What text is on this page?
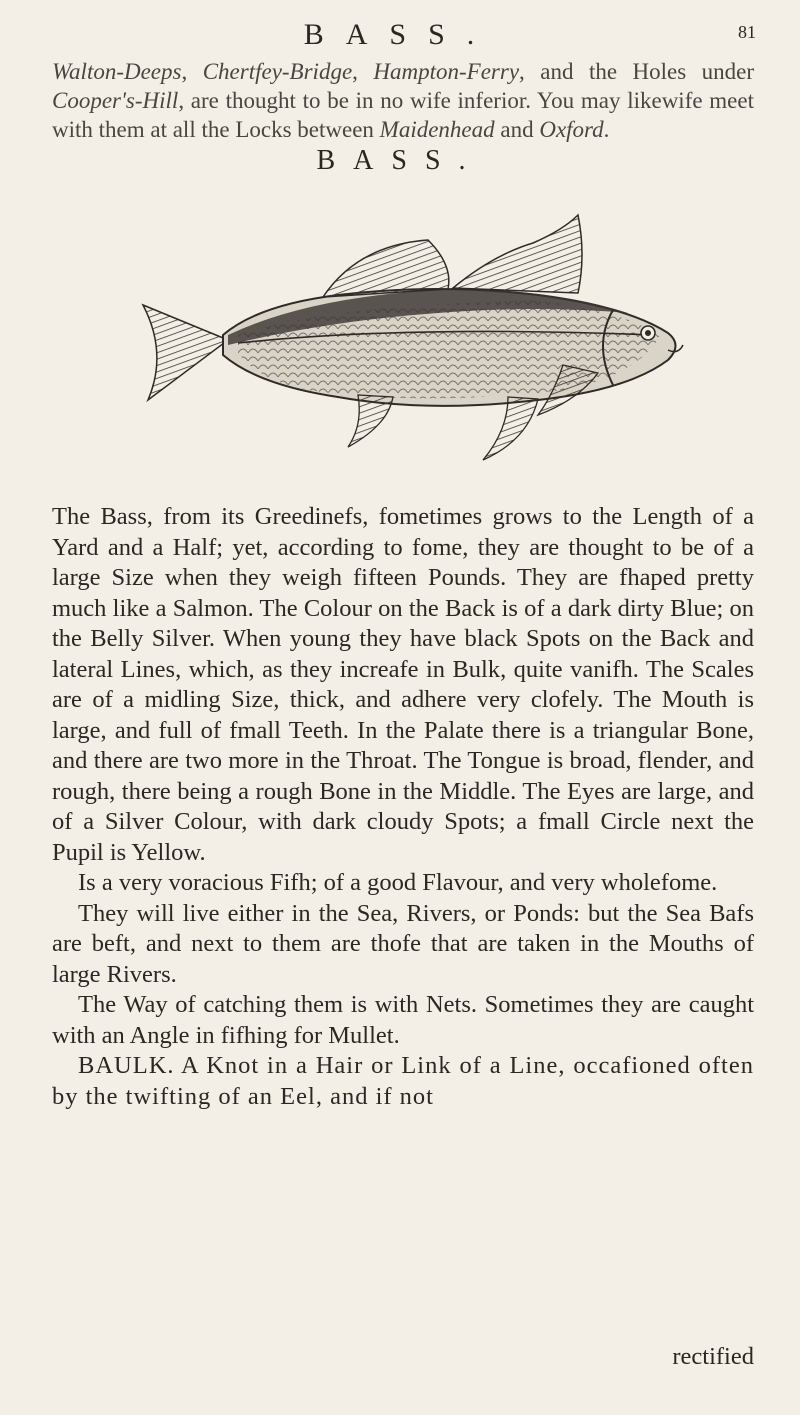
BASS.	81
Walton-Deeps, Chertfey-Bridge, Hampton-Ferry, and the Holes under Cooper's-Hill, are thought to be in no wife inferior. You may likewife meet with them at all the Locks between Maidenhead and Oxford.
BASS.

The Bass, from its Greedinefs, fometimes grows to the Length of a Yard and a Half; yet, according to fome, they are thought to be of a large Size when they weigh fifteen Pounds. They are fhaped pretty much like a Salmon. The Colour on the Back is of a dark dirty Blue; on the Belly Silver. When young they have black Spots on the Back and lateral Lines, which, as they increafe in Bulk, quite vanifh. The Scales are of a midling Size, thick, and adhere very clofely. The Mouth is large, and full of fmall Teeth. In the Palate there is a triangular Bone, and there are two more in the Throat. The Tongue is broad, flender, and rough, there being a rough Bone in the Middle. The Eyes are large, and of a Silver Colour, with dark cloudy Spots; a fmall Circle next the Pupil is Yellow.

Is a very voracious Fifh; of a good Flavour, and very wholefome.

They will live either in the Sea, Rivers, or Ponds: but the Sea Bafs are beft, and next to them are thofe that are taken in the Mouths of large Rivers.

The Way of catching them is with Nets. Sometimes they are caught with an Angle in fifhing for Mullet.

BAULK. A Knot in a Hair or Link of a Line, occafioned often by the twifting of an Eel, and if not

rectified
